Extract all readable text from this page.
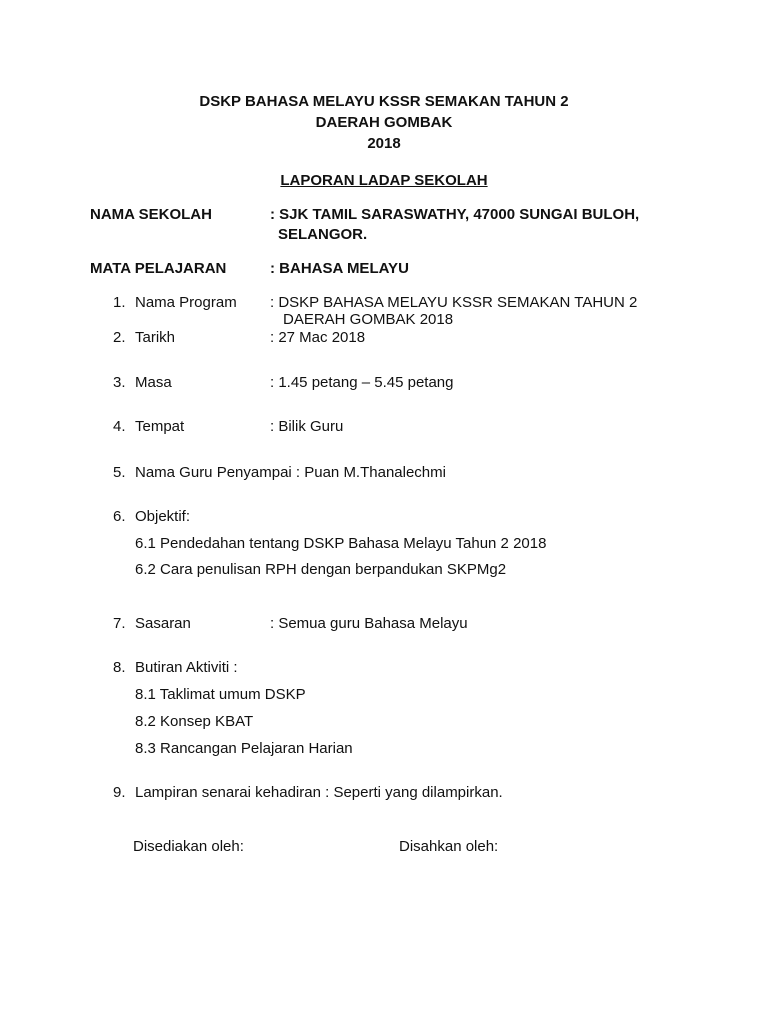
DSKP BAHASA MELAYU KSSR SEMAKAN TAHUN 2
DAERAH GOMBAK
2018
LAPORAN LADAP SEKOLAH
NAMA SEKOLAH	: SJK TAMIL SARASWATHY, 47000 SUNGAI BULOH,
SELANGOR.
MATA PELAJARAN	: BAHASA MELAYU
1. Nama Program : DSKP BAHASA MELAYU KSSR SEMAKAN TAHUN 2
DAERAH GOMBAK 2018
2. Tarikh	: 27 Mac 2018
3. Masa	: 1.45 petang – 5.45 petang
4. Tempat	: Bilik Guru
5. Nama Guru Penyampai : Puan M.Thanalechmi
6. Objektif:
6.1 Pendedahan tentang DSKP Bahasa Melayu Tahun 2 2018
6.2 Cara penulisan RPH dengan berpandukan SKPMg2
7. Sasaran	: Semua guru Bahasa Melayu
8. Butiran Aktiviti :
8.1 Taklimat umum DSKP
8.2 Konsep KBAT
8.3 Rancangan Pelajaran Harian
9. Lampiran senarai kehadiran : Seperti yang dilampirkan.
Disediakan oleh:	Disahkan oleh:
